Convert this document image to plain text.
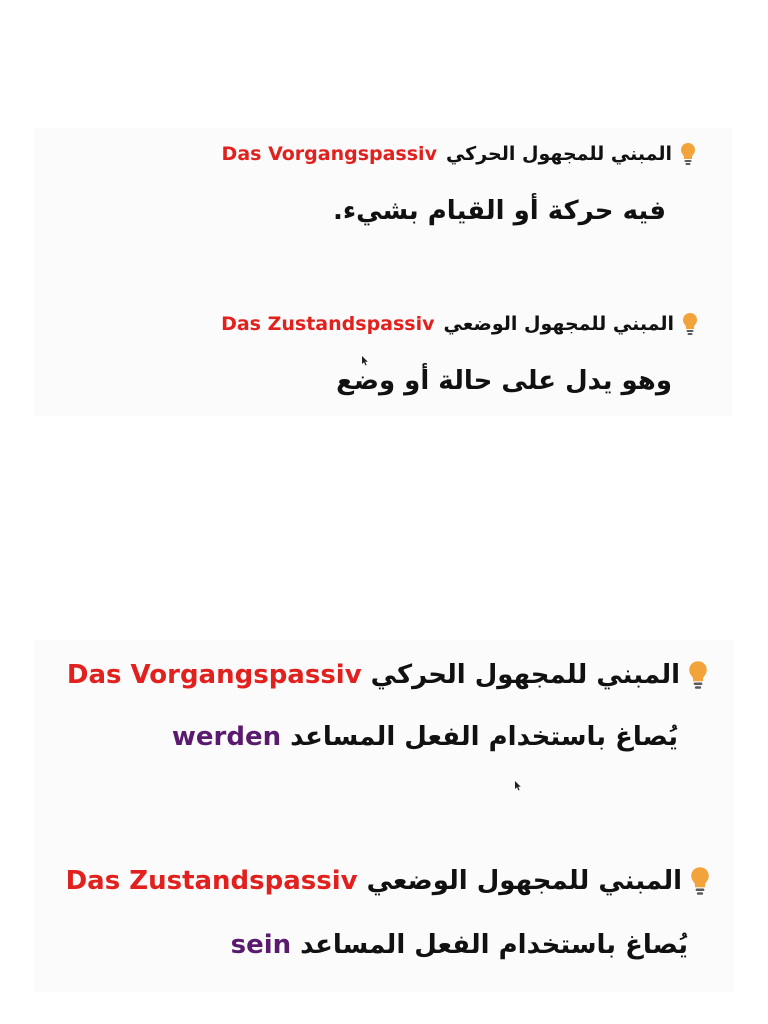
المبني للمجهول الحركي
Das Vorgangspassiv
فيه حركة أو القيام بشيء.
المبني للمجهول الوضعي
Das Zustandspassiv
وهو يدل على حالة أو وضع
المبني للمجهول الحركي
Das Vorgangspassiv
يُصاغ باستخدام الفعل المساعد
werden
المبني للمجهول الوضعي
Das Zustandspassiv
يُصاغ باستخدام الفعل المساعد
sein
